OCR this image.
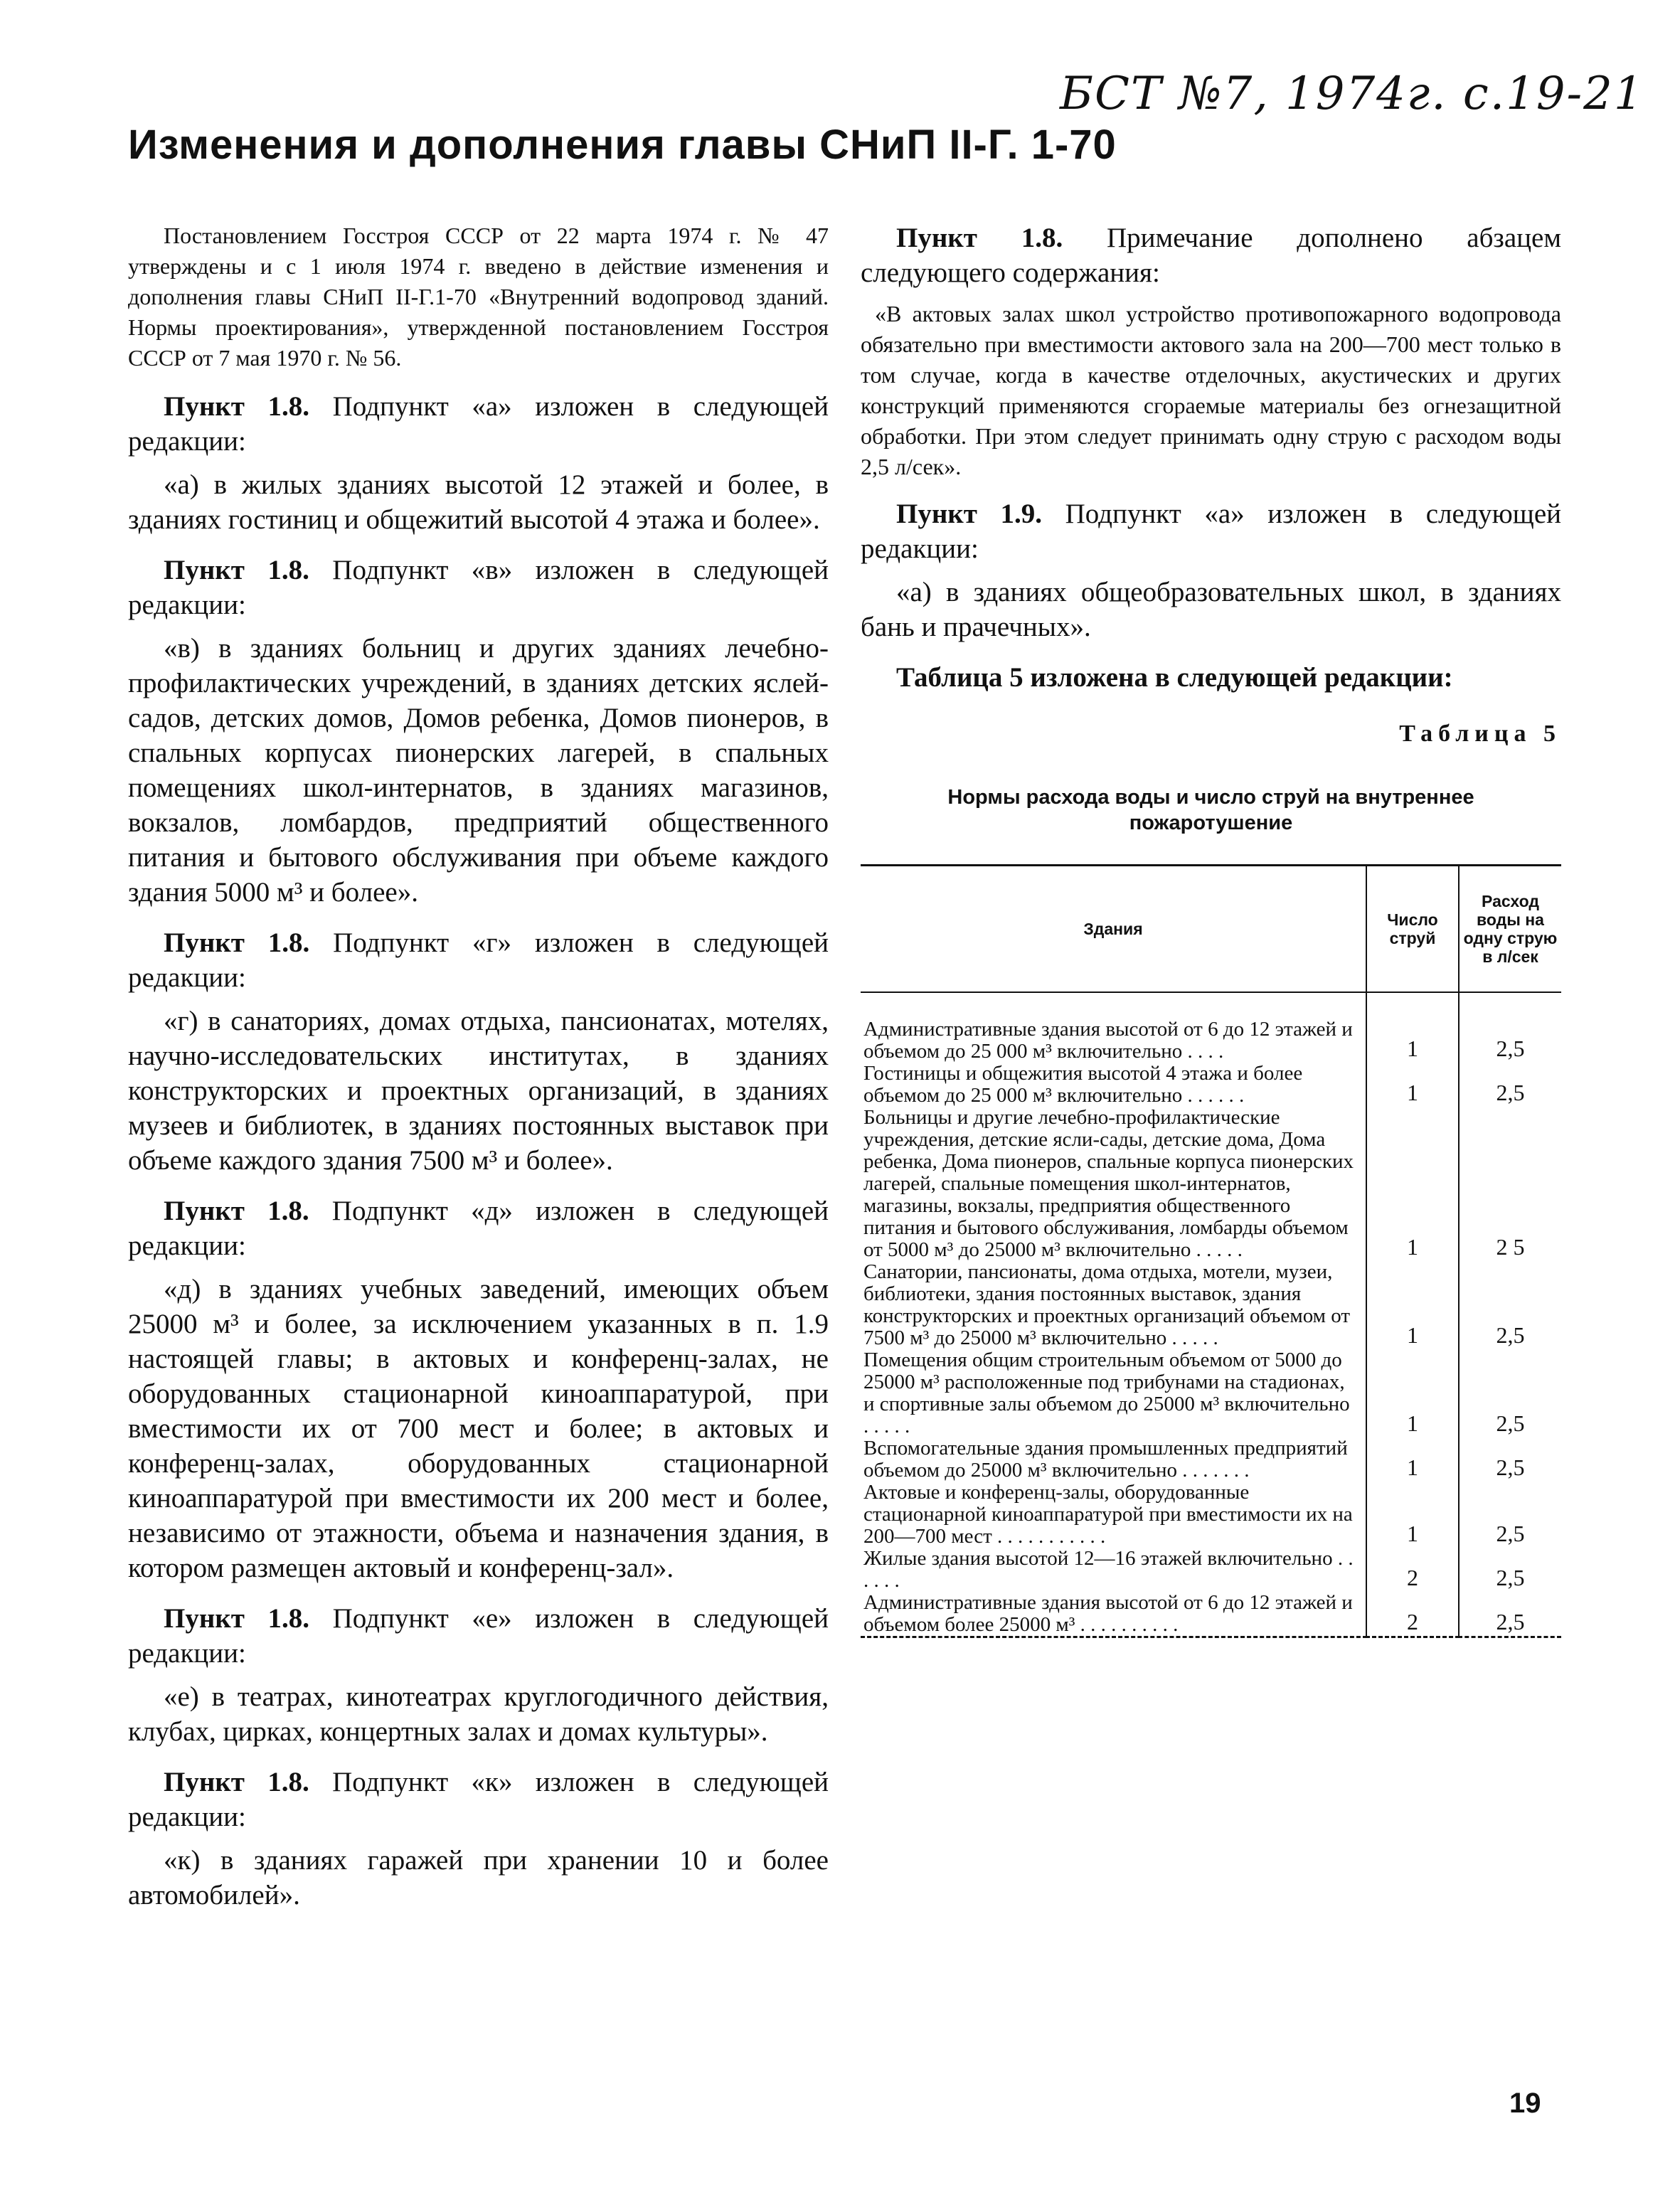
БСТ №7, 1974г. с.19-21
Изменения и дополнения главы СНиП II-Г. 1-70

Постановлением Госстроя СССР от 22 марта 1974 г. № 47 утверждены и с 1 июля 1974 г. введено в действие изменения и дополнения главы СНиП II-Г.1-70 «Внутренний водопровод зданий. Нормы проектирования», утвержденной постановлением Госстроя СССР от 7 мая 1970 г. № 56.

Пункт 1.8. Подпункт «а» изложен в следующей редакции:

«а) в жилых зданиях высотой 12 этажей и более, в зданиях гостиниц и общежитий высотой 4 этажа и более».

Пункт 1.8. Подпункт «в» изложен в следующей редакции:

«в) в зданиях больниц и других зданиях лечебно-профилактических учреждений, в зданиях детских яслей-садов, детских домов, Домов ребенка, Домов пионеров, в спальных корпусах пионерских лагерей, в спальных помещениях школ-интернатов, в зданиях магазинов, вокзалов, ломбардов, предприятий общественного питания и бытового обслуживания при объеме каждого здания 5000 м³ и более».

Пункт 1.8. Подпункт «г» изложен в следующей редакции:

«г) в санаториях, домах отдыха, пансионатах, мотелях, научно-исследовательских институтах, в зданиях конструкторских и проектных организаций, в зданиях музеев и библиотек, в зданиях постоянных выставок при объеме каждого здания 7500 м³ и более».

Пункт 1.8. Подпункт «д» изложен в следующей редакции:

«д) в зданиях учебных заведений, имеющих объем 25000 м³ и более, за исключением указанных в п. 1.9 настоящей главы; в актовых и конференц-залах, не оборудованных стационарной киноаппаратурой, при вместимости их от 700 мест и более; в актовых и конференц-залах, оборудованных стационарной киноаппаратурой при вместимости их 200 мест и более, независимо от этажности, объема и назначения здания, в котором размещен актовый и конференц-зал».

Пункт 1.8. Подпункт «е» изложен в следующей редакции:

«е) в театрах, кинотеатрах круглогодичного действия, клубах, цирках, концертных залах и домах культуры».

Пункт 1.8. Подпункт «к» изложен в следующей редакции:

«к) в зданиях гаражей при хранении 10 и более автомобилей».

Пункт 1.8. Примечание дополнено абзацем следующего содержания:

«В актовых залах школ устройство противопожарного водопровода обязательно при вместимости актового зала на 200—700 мест только в том случае, когда в качестве отделочных, акустических и других конструкций применяются сгораемые материалы без огнезащитной обработки. При этом следует принимать одну струю с расходом воды 2,5 л/сек».

Пункт 1.9. Подпункт «а» изложен в следующей редакции:

«а) в зданиях общеобразовательных школ, в зданиях бань и прачечных».

Таблица 5 изложена в следующей редакции:

Таблица 5
Нормы расхода воды и число струй на внутреннее пожаротушение
Здания	Число струй	Расход воды на одну струю в л/сек
Административные здания высотой от 6 до 12 этажей и объемом до 25 000 м³ включительно . . . .	1	2,5
Гостиницы и общежития высотой 4 этажа и более объемом до 25 000 м³ включительно . . . . . .	1	2,5
Больницы и другие лечебно-профилактические учреждения, детские ясли-сады, детские дома, Дома ребенка, Дома пионеров, спальные корпуса пионерских лагерей, спальные помещения школ-интернатов, магазины, вокзалы, предприятия общественного питания и бытового обслуживания, ломбарды объемом от 5000 м³ до 25000 м³ включительно . . . . .	1	2 5
Санатории, пансионаты, дома отдыха, мотели, музеи, библиотеки, здания постоянных выставок, здания конструкторских и проектных организаций объемом от 7500 м³ до 25000 м³ включительно . . . . .	1	2,5
Помещения общим строительным объемом от 5000 до 25000 м³ расположенные под трибунами на стадионах, и спортивные залы объемом до 25000 м³ включительно . . . . .	1	2,5
Вспомогательные здания промышленных предприятий объемом до 25000 м³ включительно . . . . . . .	1	2,5
Актовые и конференц-залы, оборудованные стационарной киноаппаратурой при вместимости их на 200—700 мест . . . . . . . . . . .	1	2,5
Жилые здания высотой 12—16 этажей включительно . . . . . .	2	2,5
Административные здания высотой от 6 до 12 этажей и объемом более 25000 м³ . . . . . . . . . .	2	2,5
19
